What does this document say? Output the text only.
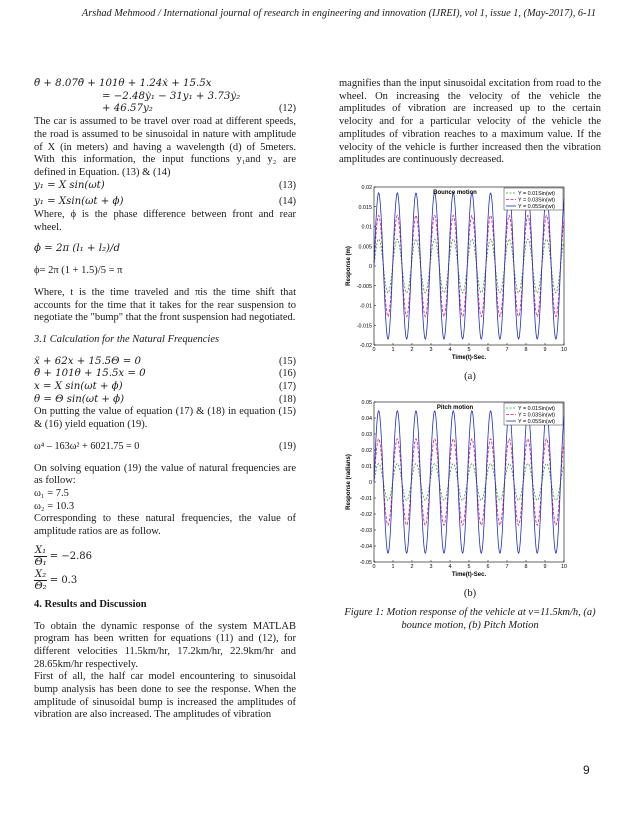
Arshad Mehmood / International journal of research in engineering and innovation (IJREI), vol 1, issue 1, (May-2017), 6-11
θ̈ + 8.07θ̇ + 101θ + 1.24ẋ + 15.5x
= −2.48ẏ₁ − 31y₁ + 3.73ẏ₂
+ 46.57y₂	(12)

The car is assumed to be travel over road at different speeds, the road is assumed to be sinusoidal in nature with amplitude of X (in meters) and having a wavelength (d) of 5meters. With this information, the input functions y₁and y₂ are defined in Equation. (13) & (14)

y₁ = X sin(ωt)	(13)
y₁ = Xsin(ωt + ϕ)	(14)

Where, ϕ is the phase difference between front and rear wheel.

ϕ = 2π (l₁ + l₂)/d

ϕ= 2π (1 + 1.5)/5 = π

Where, t is the time traveled and πis the time shift that accounts for the time that it takes for the rear suspension to negotiate the "bump" that the front suspension had negotiated.

3.1 Calculation for the Natural Frequencies

ẍ + 62x + 15.5Θ = 0	(15)
θ̈ + 101θ + 15.5x = 0	(16)
x = X sin(ωt + ϕ)	(17)
θ = Θ sin(ωt + ϕ)	(18)

On putting the value of equation (17) & (18) in equation (15) & (16) yield equation (19).

ω⁴ – 163ω² + 6021.75 = 0	(19)

On solving equation (19) the value of natural frequencies are as follow:

ω₁ = 7.5

ω₂ = 10.3

Corresponding to these natural frequencies, the value of amplitude ratios are as follow.

$\frac{\text{X₁}}{\text{Θ₁}} = -2.86$
$\frac{\text{X₂}}{\text{Θ₂}} = 0.3$

4. Results and Discussion

To obtain the dynamic response of the system MATLAB program has been written for equations (11) and (12), for different velocities 11.5km/hr, 17.2km/hr, 22.9km/hr and 28.65km/hr respectively.

First of all, the half car model encountering to sinusoidal bump analysis has been done to see the response. When the amplitude of sinusoidal bump is increased the amplitudes of vibration are also increased. The amplitudes of vibration

magnifies than the input sinusoidal excitation from road to the wheel. On increasing the velocity of the vehicle the amplitudes of vibration are increased up to the certain velocity and for a particular velocity of the vehicle the amplitudes of vibration reaches to a maximum value. If the velocity of the vehicle is further increased then the vibration amplitudes are continuously decreased.

0	1	2	3	4	5	6	7	8	9	10
0.02
0.015
0.01
0.005
0
-0.005
-0.01
-0.015
-0.02
Bounce motion	Y = 0.01Sin(wt)
Y = 0.03Sin(wt)
Y = 0.05Sin(wt)
Time(t)-Sec.
Response (m)
(a)
0	1	2	3	4	5	6	7	8	9	10
0.05
0.04
0.03
0.02
0.01
0
-0.01
-0.02
-0.03
-0.04
-0.05
Pitch motion	Y = 0.01Sin(wt)
Y = 0.03Sin(wt)
Y = 0.05Sin(wt)
Time(t)-Sec.
Response (radians)
(b)
Figure 1: Motion response of the vehicle at v=11.5km/h, (a) bounce motion, (b) Pitch Motion
9
